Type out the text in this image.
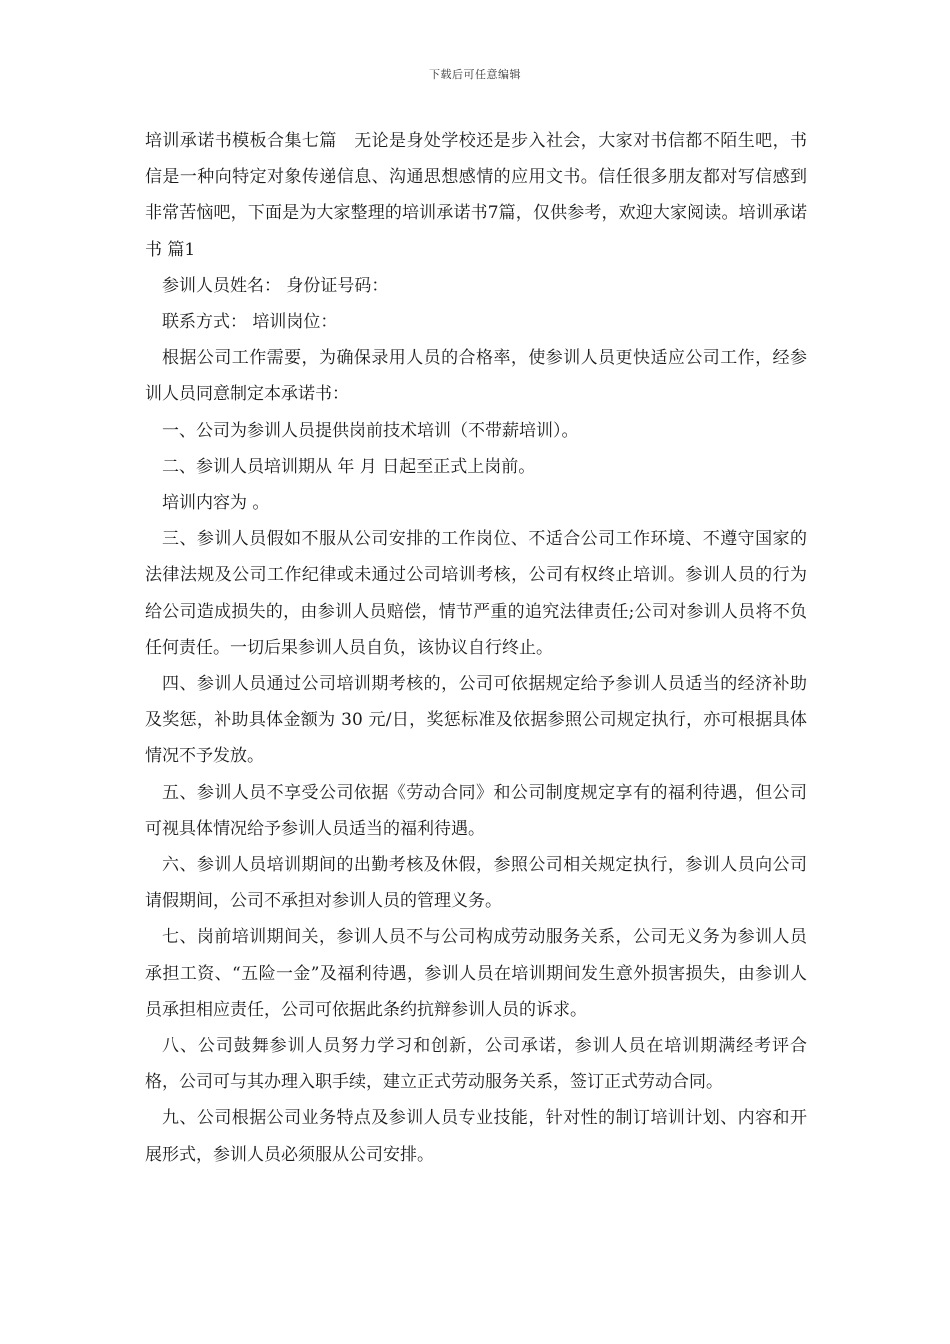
下载后可任意编辑

培训承诺书模板合集七篇　无论是身处学校还是步入社会，大家对书信都不陌生吧，书信是一种向特定对象传递信息、沟通思想感情的应用文书。信任很多朋友都对写信感到非常苦恼吧，下面是为大家整理的培训承诺书7篇，仅供参考，欢迎大家阅读。培训承诺书 篇1

参训人员姓名： 身份证号码：

联系方式： 培训岗位：

根据公司工作需要，为确保录用人员的合格率，使参训人员更快适应公司工作，经参训人员同意制定本承诺书：

一、公司为参训人员提供岗前技术培训（不带薪培训）。

二、参训人员培训期从 年 月 日起至正式上岗前。

培训内容为 。

三、参训人员假如不服从公司安排的工作岗位、不适合公司工作环境、不遵守国家的法律法规及公司工作纪律或未通过公司培训考核，公司有权终止培训。参训人员的行为给公司造成损失的，由参训人员赔偿，情节严重的追究法律责任;公司对参训人员将不负任何责任。一切后果参训人员自负，该协议自行终止。

四、参训人员通过公司培训期考核的，公司可依据规定给予参训人员适当的经济补助及奖惩，补助具体金额为 30 元/日，奖惩标准及依据参照公司规定执行，亦可根据具体情况不予发放。

五、参训人员不享受公司依据《劳动合同》和公司制度规定享有的福利待遇，但公司可视具体情况给予参训人员适当的福利待遇。

六、参训人员培训期间的出勤考核及休假，参照公司相关规定执行，参训人员向公司请假期间，公司不承担对参训人员的管理义务。

七、岗前培训期间关，参训人员不与公司构成劳动服务关系，公司无义务为参训人员承担工资、“五险一金”及福利待遇，参训人员在培训期间发生意外损害损失，由参训人员承担相应责任，公司可依据此条约抗辩参训人员的诉求。

八、公司鼓舞参训人员努力学习和创新，公司承诺，参训人员在培训期满经考评合格，公司可与其办理入职手续，建立正式劳动服务关系，签订正式劳动合同。

九、公司根据公司业务特点及参训人员专业技能，针对性的制订培训计划、内容和开展形式，参训人员必须服从公司安排。
